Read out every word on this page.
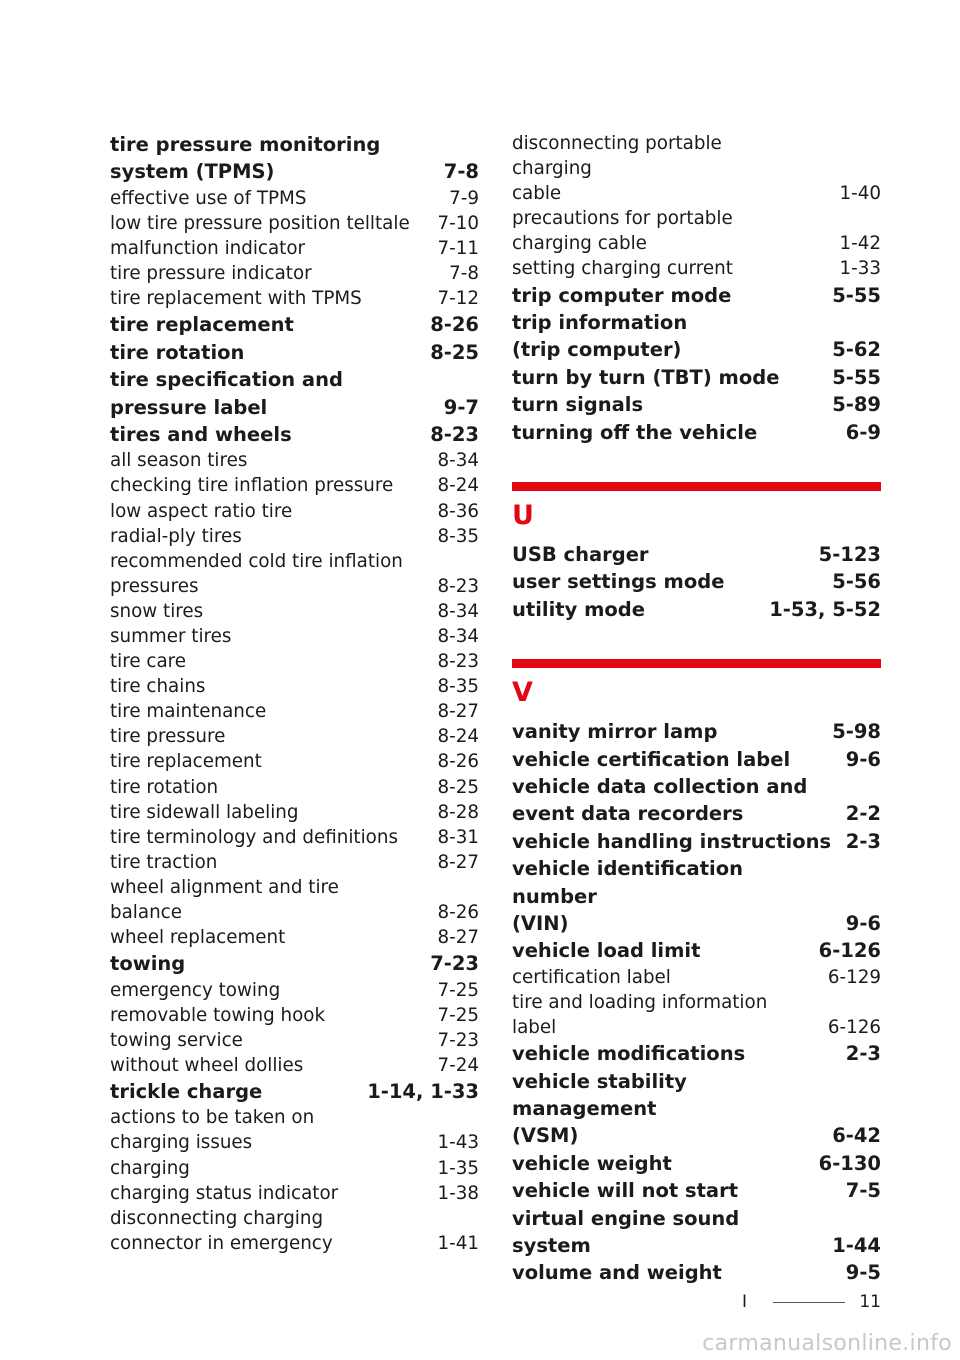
tire pressure monitoring
system (TPMS)	7-8
effective use of TPMS	7-9
low tire pressure position telltale	7-10
malfunction indicator	7-11
tire pressure indicator	7-8
tire replacement with TPMS	7-12
tire replacement	8-26
tire rotation	8-25
tire specification and
pressure label	9-7
tires and wheels	8-23
all season tires	8-34
checking tire inflation pressure	8-24
low aspect ratio tire	8-36
radial-ply tires	8-35
recommended cold tire inflation
pressures	8-23
snow tires	8-34
summer tires	8-34
tire care	8-23
tire chains	8-35
tire maintenance	8-27
tire pressure	8-24
tire replacement	8-26
tire rotation	8-25
tire sidewall labeling	8-28
tire terminology and definitions	8-31
tire traction	8-27
wheel alignment and tire
balance	8-26
wheel replacement	8-27
towing	7-23
emergency towing	7-25
removable towing hook	7-25
towing service	7-23
without wheel dollies	7-24
trickle charge	1-14, 1-33
actions to be taken on
charging issues	1-43
charging	1-35
charging status indicator	1-38
disconnecting charging
connector in emergency	1-41
disconnecting portable
charging
cable	1-40
precautions for portable
charging cable	1-42
setting charging current	1-33
trip computer mode	5-55
trip information
(trip computer)	5-62
turn by turn (TBT) mode	5-55
turn signals	5-89
turning off the vehicle	6-9
U
USB charger	5-123
user settings mode	5-56
utility mode	1-53, 5-52
V
vanity mirror lamp	5-98
vehicle certification label	9-6
vehicle data collection and
event data recorders	2-2
vehicle handling instructions 2-3
vehicle identification number
(VIN)	9-6
vehicle load limit	6-126
certification label	6-129
tire and loading information
label	6-126
vehicle modifications	2-3
vehicle stability management
(VSM)	6-42
vehicle weight	6-130
vehicle will not start	7-5
virtual engine sound system	1-44
volume and weight	9-5
I	11
carmanualsonline.info
